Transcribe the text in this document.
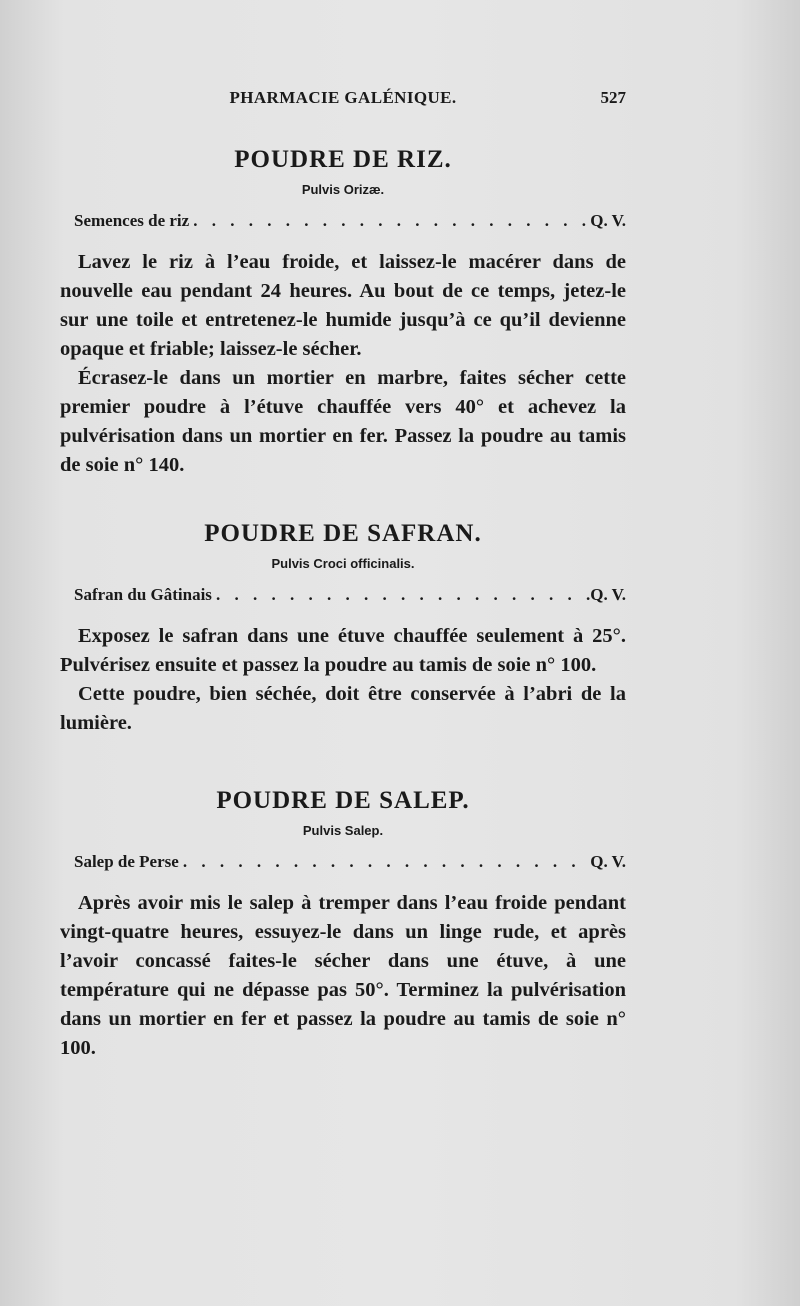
PHARMACIE GALÉNIQUE.	527
POUDRE DE RIZ.
Pulvis Orizæ.
Semences de riz . . .	Q. V.

Lavez le riz à l’eau froide, et laissez-le macérer dans de nouvelle eau pendant 24 heures. Au bout de ce temps, jetez-le sur une toile et entretenez-le humide jusqu’à ce qu’il devienne opaque et friable; laissez-le sécher.

Écrasez-le dans un mortier en marbre, faites sécher cette premier poudre à l’étuve chauffée vers 40° et achevez la pulvérisation dans un mortier en fer. Passez la poudre au tamis de soie n° 140.

POUDRE DE SAFRAN.
Pulvis Croci officinalis.
Safran du Gâtinais . . .	Q. V.

Exposez le safran dans une étuve chauffée seulement à 25°. Pulvérisez ensuite et passez la poudre au tamis de soie n° 100.

Cette poudre, bien séchée, doit être conservée à l’abri de la lumière.

POUDRE DE SALEP.
Pulvis Salep.
Salep de Perse . . .	Q. V.

Après avoir mis le salep à tremper dans l’eau froide pendant vingt-quatre heures, essuyez-le dans un linge rude, et après l’avoir concassé faites-le sécher dans une étuve, à une température qui ne dépasse pas 50°. Terminez la pulvérisation dans un mortier en fer et passez la poudre au tamis de soie n° 100.
